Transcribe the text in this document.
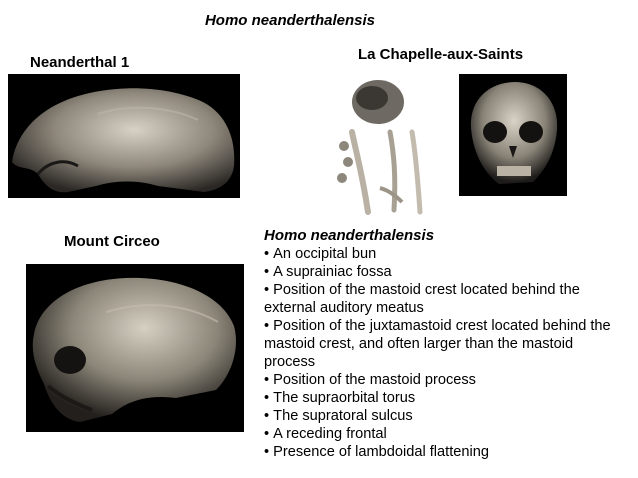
Homo neanderthalensis
Neanderthal 1	La Chapelle-aux-Saints
Mount Circeo	Homo neanderthalensis
• An occipital bun
• A suprainiac fossa
• Position of the mastoid crest located behind the external auditory meatus
• Position of the juxtamastoid crest located behind the mastoid crest, and often larger than the mastoid process
• Position of the mastoid process
• The supraorbital torus
• The supratoral sulcus
• A receding frontal
• Presence of lambdoidal flattening
